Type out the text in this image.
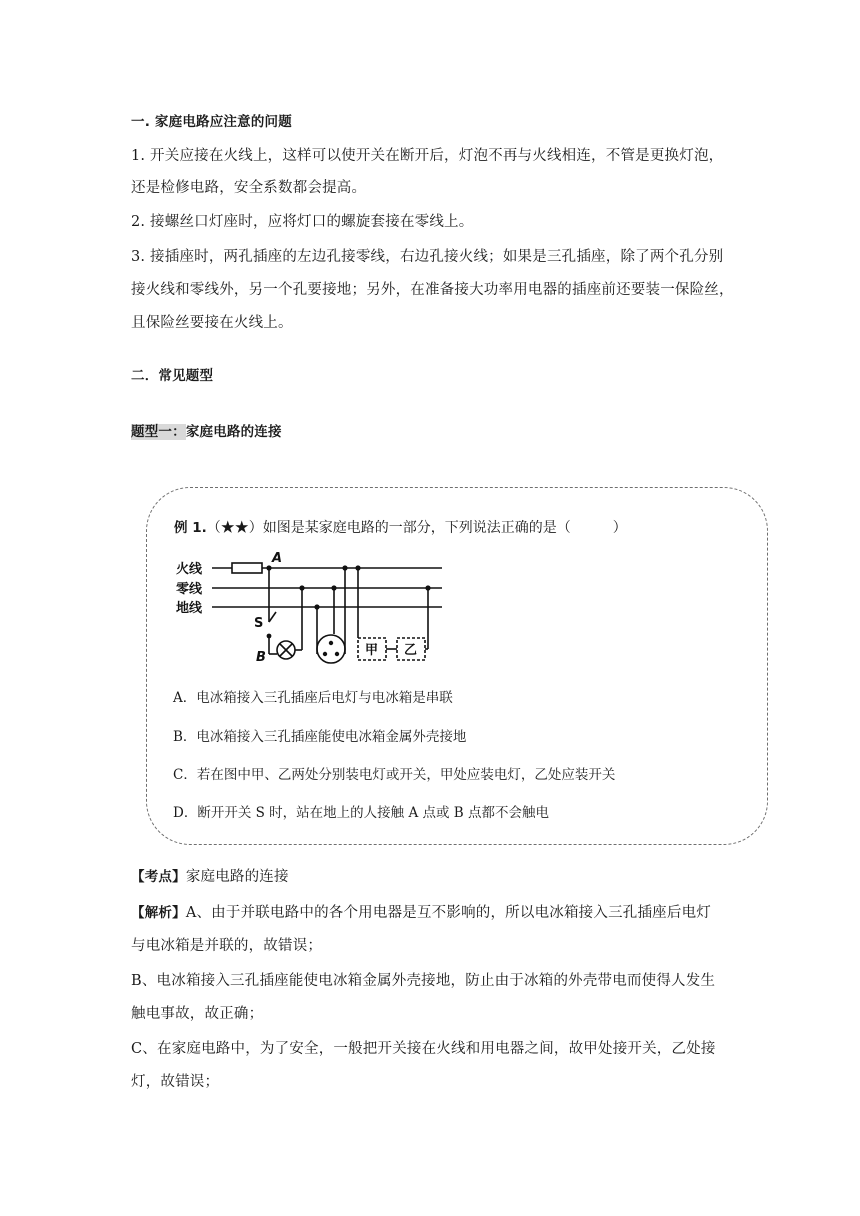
一. 家庭电路应注意的问题
1. 开关应接在火线上，这样可以使开关在断开后，灯泡不再与火线相连，不管是更换灯泡，
还是检修电路，安全系数都会提高。
2. 接螺丝口灯座时，应将灯口的螺旋套接在零线上。
3. 接插座时，两孔插座的左边孔接零线，右边孔接火线；如果是三孔插座，除了两个孔分别
接火线和零线外，另一个孔要接地；另外，在准备接大功率用电器的插座前还要装一保险丝，
且保险丝要接在火线上。
二．常见题型
题型一：家庭电路的连接
例 1.（★★）如图是某家庭电路的一部分，下列说法正确的是（　　　）
火线
零线
地线
A
S
B	甲 乙
A．电冰箱接入三孔插座后电灯与电冰箱是串联
B．电冰箱接入三孔插座能使电冰箱金属外壳接地
C．若在图中甲、乙两处分别装电灯或开关，甲处应装电灯，乙处应装开关
D．断开开关 S 时，站在地上的人接触 A 点或 B 点都不会触电
【考点】家庭电路的连接
【解析】A、由于并联电路中的各个用电器是互不影响的，所以电冰箱接入三孔插座后电灯
与电冰箱是并联的，故错误；
B、电冰箱接入三孔插座能使电冰箱金属外壳接地，防止由于冰箱的外壳带电而使得人发生
触电事故，故正确；
C、在家庭电路中，为了安全，一般把开关接在火线和用电器之间，故甲处接开关，乙处接
灯，故错误；
